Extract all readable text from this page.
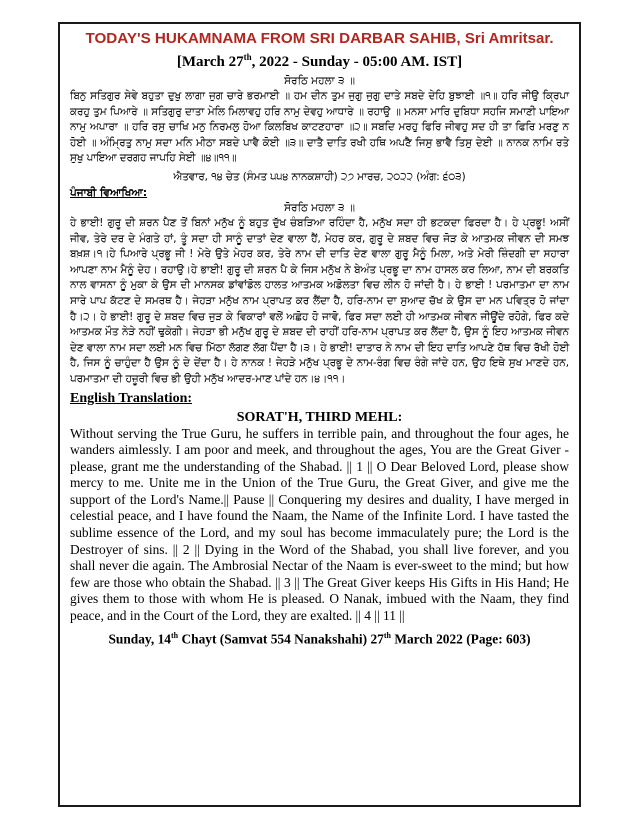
TODAY'S HUKAMNAMA FROM SRI DARBAR SAHIB, Sri Amritsar.

[March 27th, 2022 - Sunday - 05:00 AM. IST]

ਸੋਰਠਿ ਮਹਲਾ ੩ ॥

ਬਿਨੁ ਸਤਿਗੁਰ ਸੇਵੇ ਬਹੁਤਾ ਦੁਖੁ ਲਾਗਾ ਜੁਗ ਚਾਰੇ ਭਰਮਾਈ ॥ ਹਮ ਦੀਨ ਤੁਮ ਜੁਗੁ ਜੁਗੁ ਦਾਤੇ ਸਬਦੇ ਦੇਹਿ ਬੁਝਾਈ ॥੧॥ ਹਰਿ ਜੀਉ ਕ੍ਰਿਪਾ ਕਰਹੁ ਤੁਮ ਪਿਆਰੇ ॥ ਸਤਿਗੁਰੁ ਦਾਤਾ ਮੇਲਿ ਮਿਲਾਵਹੁ ਹਰਿ ਨਾਮੁ ਦੇਵਹੁ ਆਧਾਰੇ ॥ ਰਹਾਉ ॥ ਮਨਸਾ ਮਾਰਿ ਦੁਬਿਧਾ ਸਹਜਿ ਸਮਾਣੀ ਪਾਇਆ ਨਾਮੁ ਅਪਾਰਾ ॥ ਹਰਿ ਰਸੁ ਚਾਖਿ ਮਨੁ ਨਿਰਮਲੁ ਹੋਆ ਕਿਲਬਿਖ ਕਾਟਣਹਾਰਾ ॥੨॥ ਸਬਦਿ ਮਰਹੁ ਫਿਰਿ ਜੀਵਹੁ ਸਦ ਹੀ ਤਾ ਫਿਰਿ ਮਰਣੁ ਨ ਹੋਈ ॥ ਅੰਮ੍ਰਿਤੁ ਨਾਮੁ ਸਦਾ ਮਨਿ ਮੀਠਾ ਸਬਦੇ ਪਾਵੈ ਕੋਈ ॥੩॥ ਦਾਤੈ ਦਾਤਿ ਰਖੀ ਹਥਿ ਅਪਣੈ ਜਿਸੁ ਭਾਵੈ ਤਿਸੁ ਦੇਈ ॥ ਨਾਨਕ ਨਾਮਿ ਰਤੇ ਸੁਖੁ ਪਾਇਆ ਦਰਗਹ ਜਾਪਹਿ ਸੇਈ ॥੪॥੧੧॥

ਐਤਵਾਰ, ੧੪ ਚੇਤ (ਸੰਮਤ ੫੫੪ ਨਾਨਕਸ਼ਾਹੀ) ੨੭ ਮਾਰਚ, ੨੦੨੨ (ਅੰਗ: ੬੦੩)

ਪੰਜਾਬੀ ਵਿਆਖਿਆ:

ਸੋਰਠਿ ਮਹਲਾ ੩ ॥

ਹੇ ਭਾਈ! ਗੁਰੂ ਦੀ ਸ਼ਰਨ ਪੈਣ ਤੋਂ ਬਿਨਾਂ ਮਨੁੱਖ ਨੂੰ ਬਹੁਤ ਦੁੱਖ ਚੰਬੜਿਆ ਰਹਿੰਦਾ ਹੈ, ਮਨੁੱਖ ਸਦਾ ਹੀ ਭਟਕਦਾ ਫਿਰਦਾ ਹੈ। ਹੇ ਪ੍ਰਭੂ! ਅਸੀਂ ਜੀਵ, ਤੇਰੇ ਦਰ ਦੇ ਮੰਗਤੇ ਹਾਂ, ਤੂੰ ਸਦਾ ਹੀ ਸਾਨੂੰ ਦਾਤਾਂ ਦੇਣ ਵਾਲਾ ਹੈਂ, ਮੇਹਰ ਕਰ, ਗੁਰੂ ਦੇ ਸ਼ਬਦ ਵਿਚ ਜੋੜ ਕੇ ਆਤਮਕ ਜੀਵਨ ਦੀ ਸਮਝ ਬਖ਼ਸ਼।੧।ਹੇ ਪਿਆਰੇ ਪ੍ਰਭੂ ਜੀ ! ਮੇਰੇ ਉਤੇ ਮੇਹਰ ਕਰ, ਤੇਰੇ ਨਾਮ ਦੀ ਦਾਤਿ ਦੇਣ ਵਾਲਾ ਗੁਰੂ ਮੈਨੂੰ ਮਿਲਾ, ਅਤੇ ਮੇਰੀ ਜ਼ਿੰਦਗੀ ਦਾ ਸਹਾਰਾ ਆਪਣਾ ਨਾਮ ਮੈਨੂੰ ਦੇਹ। ਰਹਾਉ।ਹੇ ਭਾਈ! ਗੁਰੂ ਦੀ ਸ਼ਰਨ ਪੈ ਕੇ ਜਿਸ ਮਨੁੱਖ ਨੇ ਬੇਅੰਤ ਪ੍ਰਭੂ ਦਾ ਨਾਮ ਹਾਸਲ ਕਰ ਲਿਆ, ਨਾਮ ਦੀ ਬਰਕਤਿ ਨਾਲ ਵਾਸਨਾ ਨੂੰ ਮੁਕਾ ਕੇ ਉਸ ਦੀ ਮਾਨਸਕ ਡਾਂਵਾਂਡੋਲ ਹਾਲਤ ਆਤਮਕ ਅਡੋਲਤਾ ਵਿਚ ਲੀਨ ਹੋ ਜਾਂਦੀ ਹੈ। ਹੇ ਭਾਈ ! ਪਰਮਾਤਮਾ ਦਾ ਨਾਮ ਸਾਰੇ ਪਾਪ ਕੱਟਣ ਦੇ ਸਮਰਥ ਹੈ। ਜੇਹੜਾ ਮਨੁੱਖ ਨਾਮ ਪ੍ਰਾਪਤ ਕਰ ਲੈਂਦਾ ਹੈ, ਹਰਿ-ਨਾਮ ਦਾ ਸੁਆਦ ਚੱਖ ਕੇ ਉਸ ਦਾ ਮਨ ਪਵਿਤ੍ਰ ਹੋ ਜਾਂਦਾ ਹੈ।੨। ਹੇ ਭਾਈ! ਗੁਰੂ ਦੇ ਸ਼ਬਦ ਵਿਚ ਜੁੜ ਕੇ ਵਿਕਾਰਾਂ ਵਲੋਂ ਅਛੋਹ ਹੋ ਜਾਵੋ, ਫਿਰ ਸਦਾ ਲਈ ਹੀ ਆਤਮਕ ਜੀਵਨ ਜੀਊਂਦੇ ਰਹੋਗੇ, ਫਿਰ ਕਦੇ ਆਤਮਕ ਮੌਤ ਨੇੜੇ ਨਹੀਂ ਢੁਕੇਗੀ। ਜੇਹੜਾ ਭੀ ਮਨੁੱਖ ਗੁਰੂ ਦੇ ਸ਼ਬਦ ਦੀ ਰਾਹੀਂ ਹਰਿ-ਨਾਮ ਪ੍ਰਾਪਤ ਕਰ ਲੈਂਦਾ ਹੈ, ਉਸ ਨੂੰ ਇਹ ਆਤਮਕ ਜੀਵਨ ਦੇਣ ਵਾਲਾ ਨਾਮ ਸਦਾ ਲਈ ਮਨ ਵਿਚ ਮਿੱਠਾ ਲੱਗਣ ਲੱਗ ਪੈਂਦਾ ਹੈ।੩। ਹੇ ਭਾਈ! ਦਾਤਾਰ ਨੇ ਨਾਮ ਦੀ ਇਹ ਦਾਤਿ ਆਪਣੇ ਹੱਥ ਵਿਚ ਰੱਖੀ ਹੋਈ ਹੈ, ਜਿਸ ਨੂੰ ਚਾਹੁੰਦਾ ਹੈ ਉਸ ਨੂੰ ਦੇ ਦੇਂਦਾ ਹੈ। ਹੇ ਨਾਨਕ ! ਜੇਹੜੇ ਮਨੁੱਖ ਪ੍ਰਭੂ ਦੇ ਨਾਮ-ਰੰਗ ਵਿਚ ਰੰਗੇ ਜਾਂਦੇ ਹਨ, ਉਹ ਇਥੇ ਸੁਖ ਮਾਣਦੇ ਹਨ, ਪਰਮਾਤਮਾ ਦੀ ਹਜ਼ੂਰੀ ਵਿਚ ਭੀ ਉਹੀ ਮਨੁੱਖ ਆਦਰ-ਮਾਣ ਪਾਂਦੇ ਹਨ।੪।੧੧।

English Translation:

SORAT'H, THIRD MEHL:

Without serving the True Guru, he suffers in terrible pain, and throughout the four ages, he wanders aimlessly. I am poor and meek, and throughout the ages, You are the Great Giver - please, grant me the understanding of the Shabad. || 1 || O Dear Beloved Lord, please show mercy to me. Unite me in the Union of the True Guru, the Great Giver, and give me the support of the Lord's Name.|| Pause || Conquering my desires and duality, I have merged in celestial peace, and I have found the Naam, the Name of the Infinite Lord. I have tasted the sublime essence of the Lord, and my soul has become immaculately pure; the Lord is the Destroyer of sins. || 2 || Dying in the Word of the Shabad, you shall live forever, and you shall never die again. The Ambrosial Nectar of the Naam is ever-sweet to the mind; but how few are those who obtain the Shabad. || 3 || The Great Giver keeps His Gifts in His Hand; He gives them to those with whom He is pleased. O Nanak, imbued with the Naam, they find peace, and in the Court of the Lord, they are exalted. || 4 || 11 ||

Sunday, 14th Chayt (Samvat 554 Nanakshahi) 27th March 2022 (Page: 603)
